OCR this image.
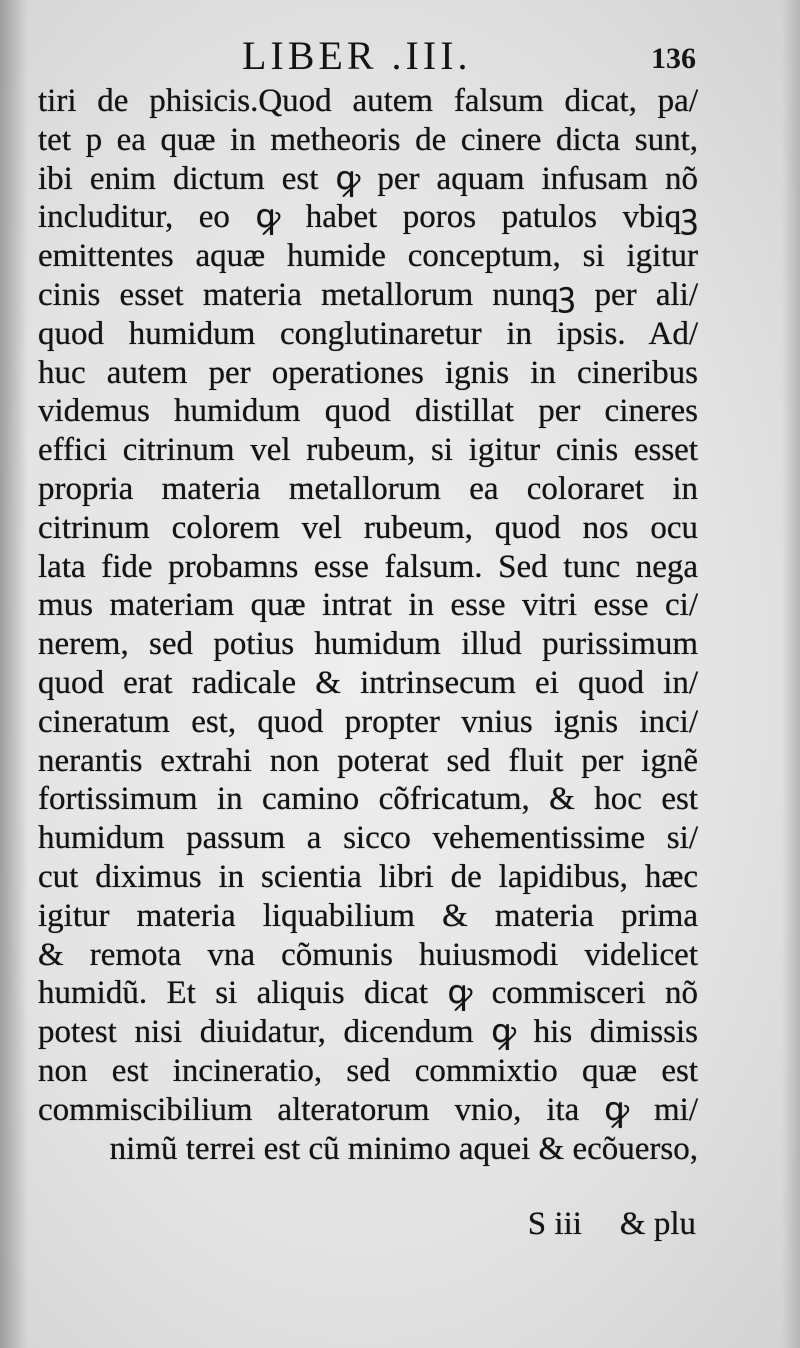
LIBER .III.	136
tiri de phisicis.Quod autem falsum dicat, pa/
tet p ea quæ in metheoris de cinere dicta sunt,
ibi enim dictum est ꝙ per aquam infusam nõ
includitur, eo ꝙ habet poros patulos vbiqꝫ
emittentes aquæ humide conceptum, si igitur
cinis esset materia metallorum nunqꝫ per ali/
quod humidum conglutinaretur in ipsis. Ad/
huc autem per operationes ignis in cineribus
videmus humidum quod distillat per cineres
effici citrinum vel rubeum, si igitur cinis esset
propria materia metallorum ea coloraret in
citrinum colorem vel rubeum, quod nos ocu
lata fide probamns esse falsum. Sed tunc nega
mus materiam quæ intrat in esse vitri esse ci/
nerem, sed potius humidum illud purissimum
quod erat radicale & intrinsecum ei quod in/
cineratum est, quod propter vnius ignis inci/
nerantis extrahi non poterat sed fluit per ignẽ
fortissimum in camino cõfricatum, & hoc est
humidum passum a sicco vehementissime si/
cut diximus in scientia libri de lapidibus, hæc
igitur materia liquabilium & materia prima
& remota vna cõmunis huiusmodi videlicet
humidũ. Et si aliquis dicat ꝙ commisceri nõ
potest nisi diuidatur, dicendum ꝙ his dimissis
non est incineratio, sed commixtio quæ est
commiscibilium alteratorum vnio, ita ꝙ mi/
nimũ terrei est cũ minimo aquei & ecõuerso,
S iii & plu
